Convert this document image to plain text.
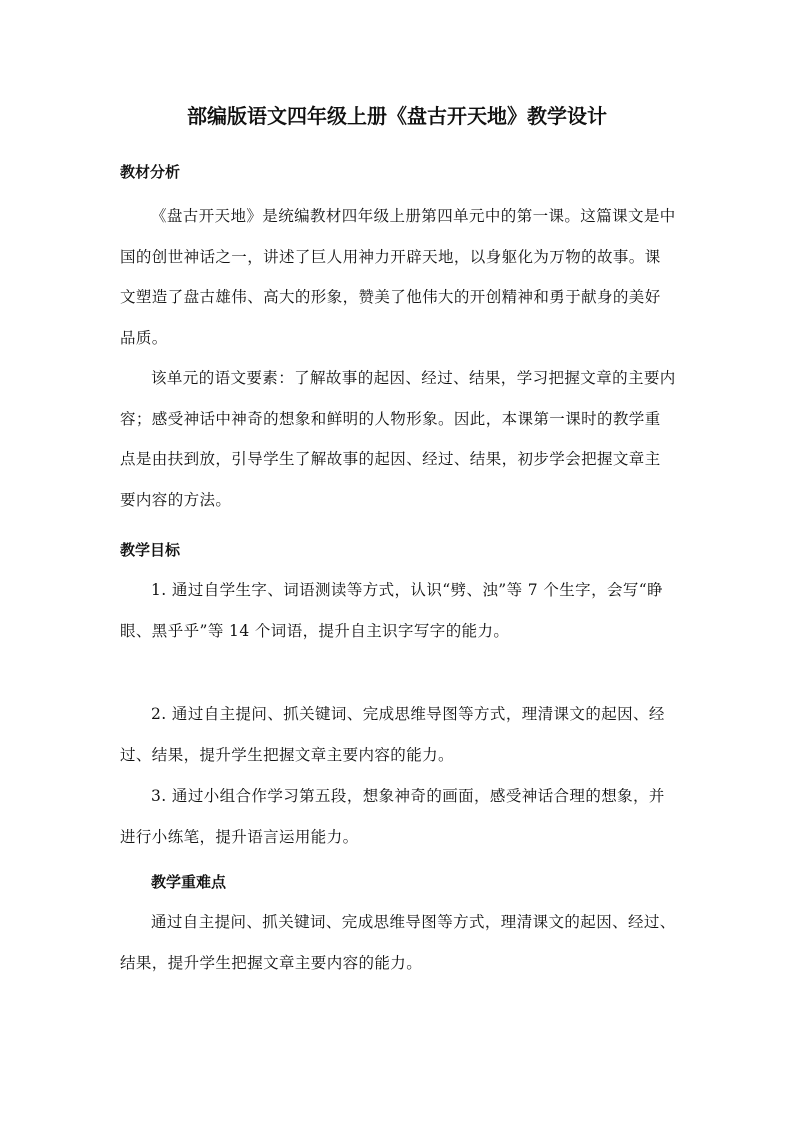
部编版语文四年级上册《盘古开天地》教学设计
教材分析

《盘古开天地》是统编教材四年级上册第四单元中的第一课。这篇课文是中国的创世神话之一，讲述了巨人用神力开辟天地，以身躯化为万物的故事。课文塑造了盘古雄伟、高大的形象，赞美了他伟大的开创精神和勇于献身的美好品质。

该单元的语文要素：了解故事的起因、经过、结果，学习把握文章的主要内容；感受神话中神奇的想象和鲜明的人物形象。因此，本课第一课时的教学重点是由扶到放，引导学生了解故事的起因、经过、结果，初步学会把握文章主要内容的方法。

教学目标

1. 通过自学生字、词语测读等方式，认识“劈、浊”等 7 个生字，会写“睁眼、黑乎乎”等 14 个词语，提升自主识字写字的能力。

2. 通过自主提问、抓关键词、完成思维导图等方式，理清课文的起因、经过、结果，提升学生把握文章主要内容的能力。

3. 通过小组合作学习第五段，想象神奇的画面，感受神话合理的想象，并进行小练笔，提升语言运用能力。

教学重难点

通过自主提问、抓关键词、完成思维导图等方式，理清课文的起因、经过、结果，提升学生把握文章主要内容的能力。
